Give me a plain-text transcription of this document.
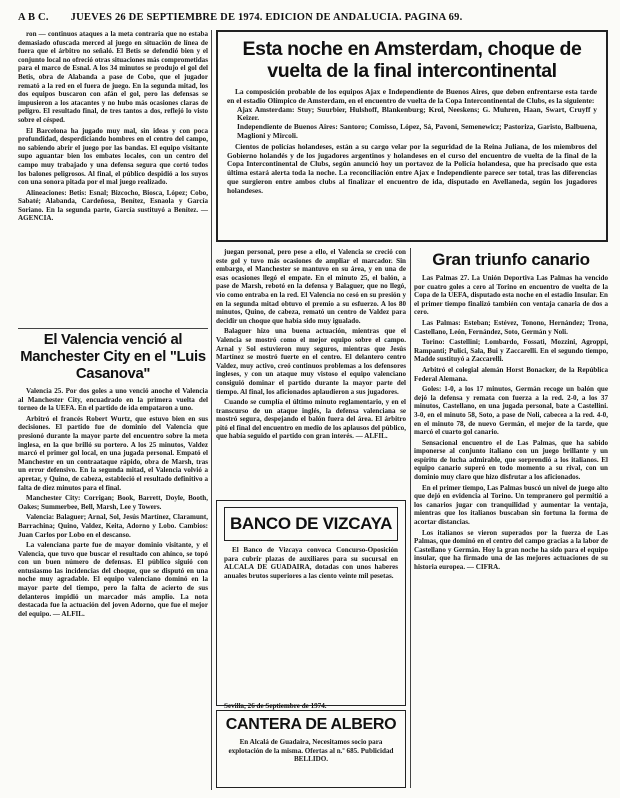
A B C. JUEVES 26 DE SEPTIEMBRE DE 1974. EDICION DE ANDALUCIA. PAGINA 69.

ron — continuos ataques a la meta contraria que no estaba demasiado ofuscada merced al juego en situación de línea de fuera que el árbitro no señaló. El Betis se defendió bien y el conjunto local no ofreció otras situaciones más comprometidas para el marco de Esnal. A los 34 minutos se produjo el gol del Betis, obra de Alabanda a pase de Cobo, que el jugador remató a la red en el fuera de juego. En la segunda mitad, los dos equipos buscaron con afán el gol, pero las defensas se impusieron a los atacantes y no hubo más ocasiones claras de peligro. El resultado final, de tres tantos a dos, reflejó lo visto sobre el césped.

El Barcelona ha jugado muy mal, sin ideas y con poca profundidad, desperdiciando hombres en el centro del campo, no sabiendo abrir el juego por las bandas. El equipo visitante supo aguantar bien los embates locales, con un centro del campo muy trabajado y una defensa segura que cortó todos los balones peligrosos. Al final, el público despidió a los suyos con una sonora pitada por el mal juego realizado.

Alineaciones: Betis: Esnal; Bizcocho, Biosca, López; Cobo, Sabaté; Alabanda, Cardeñosa, Benítez, Esnaola y García Soriano. En la segunda parte, García sustituyó a Benítez. — AGENCIA.

El Valencia venció al Manchester City en el "Luis Casanova"

Valencia 25. Por dos goles a uno venció anoche el Valencia al Manchester City, encuadrado en la primera vuelta del torneo de la UEFA. En el partido de ida empataron a uno.

Arbitró el francés Robert Wurtz, que estuvo bien en sus decisiones. El partido fue de dominio del Valencia que presionó durante la mayor parte del encuentro sobre la meta inglesa, en la que brilló su portero. A los 25 minutos, Valdez marcó el primer gol local, en una jugada personal. Empató el Manchester en un contraataque rápido, obra de Marsh, tras un error defensivo. En la segunda mitad, el Valencia volvió a apretar, y Quino, de cabeza, estableció el resultado definitivo a falta de diez minutos para el final.

Manchester City: Corrigan; Book, Barrett, Doyle, Booth, Oakes; Summerbee, Bell, Marsh, Lee y Towers.

Valencia: Balaguer; Arnal, Sol, Jesús Martínez, Claramunt, Barrachina; Quino, Valdez, Keita, Adorno y Lobo. Cambios: Juan Carlos por Lobo en el descanso.

La valenciana parte fue de mayor dominio visitante, y el Valencia, que tuvo que buscar el resultado con ahínco, se topó con un buen número de defensas. El público siguió con entusiasmo las incidencias del choque, que se disputó en una noche muy agradable. El equipo valenciano dominó en la mayor parte del tiempo, pero la falta de acierto de sus delanteros impidió un marcador más amplio. La nota destacada fue la actuación del joven Adorno, que fue el mejor del equipo. — ALFIL.

Esta noche en Amsterdam, choque de vuelta de la final intercontinental

La composición probable de los equipos Ajax e Independiente de Buenos Aires, que deben enfrentarse esta tarde en el estadio Olímpico de Amsterdam, en el encuentro de vuelta de la Copa Intercontinental de Clubs, es la siguiente:

Ajax Amsterdam: Stuy; Suurbier, Hulshoff, Blankenburg; Krol, Neeskens; G. Muhren, Haan, Swart, Cruyff y Keizer.

Independiente de Buenos Aires: Santoro; Comisso, López, Sá, Pavoni, Semenewicz; Pastoriza, Garisto, Balbuena, Maglioni y Mircoli.

Cientos de policías holandeses, están a su cargo velar por la seguridad de la Reina Juliana, de los miembros del Gobierno holandés y de los jugadores argentinos y holandeses en el curso del encuentro de vuelta de la final de la Copa Intercontinental de Clubs, según anunció hoy un portavoz de la Policía holandesa, que ha precisado que esta última estará alerta toda la noche. La reconciliación entre Ajax e Independiente parece ser total, tras las diferencias que surgieron entre ambos clubs al finalizar el encuentro de ida, disputado en Avellaneda, según los jugadores holandeses.

juegan personal, pero pese a ello, el Valencia se creció con este gol y tuvo más ocasiones de ampliar el marcador. Sin embargo, el Manchester se mantuvo en su área, y en una de esas ocasiones llegó el empate. En el minuto 25, el balón, a pase de Marsh, rebotó en la defensa y Balaguer, que no llegó, vio como entraba en la red. El Valencia no cesó en su presión y en la segunda mitad obtuvo el premio a su esfuerzo. A los 80 minutos, Quino, de cabeza, remató un centro de Valdez para decidir un choque que había sido muy igualado.

Balaguer hizo una buena actuación, mientras que el Valencia se mostró como el mejor equipo sobre el campo. Arnal y Sol estuvieron muy seguros, mientras que Jesús Martínez se mostró fuerte en el centro. El delantero centro Valdez, muy activo, creó continuos problemas a los defensores ingleses, y con un ataque muy vistoso el equipo valenciano consiguió dominar el partido durante la mayor parte del tiempo. Al final, los aficionados aplaudieron a sus jugadores.

Cuando se cumplía el último minuto reglamentario, y en el transcurso de un ataque inglés, la defensa valenciana se mostró segura, despejando el balón fuera del área. El árbitro pitó el final del encuentro en medio de los aplausos del público, que había seguido el partido con gran interés. — ALFIL.

BANCO DE VIZCAYA

El Banco de Vizcaya convoca Concurso-Oposición para cubrir plazas de auxiliares para su sucursal en ALCALA DE GUADAIRA, dotadas con unos haberes anuales brutos superiores a las ciento veinte mil pesetas.

Sevilla, 26 de Septiembre de 1974.

CANTERA DE ALBERO

En Alcalá de Guadaira, Necesitamos socio para explotación de la misma. Ofertas al n.º 685. Publicidad BELLIDO.

Gran triunfo canario

Las Palmas 27. La Unión Deportiva Las Palmas ha vencido por cuatro goles a cero al Torino en encuentro de vuelta de la Copa de la UEFA, disputado esta noche en el estadio Insular. En el primer tiempo finalizó también con ventaja canaria de dos a cero.

Las Palmas: Esteban; Estévez, Tonono, Hernández; Trona, Castellano, León, Fernández, Soto, Germán y Noli.

Torino: Castellini; Lombardo, Fossati, Mozzini, Agroppi, Rampanti; Pulici, Sala, Bui y Zaccarelli. En el segundo tiempo, Madde sustituyó a Zaccarelli.

Arbitró el colegial alemán Horst Bonacker, de la República Federal Alemana.

Goles: 1-0, a los 17 minutos, Germán recoge un balón que dejó la defensa y remata con fuerza a la red. 2-0, a los 37 minutos, Castellano, en una jugada personal, bate a Castellini. 3-0, en el minuto 58, Soto, a pase de Noli, cabecea a la red. 4-0, en el minuto 78, de nuevo Germán, el mejor de la tarde, que marcó el cuarto gol canario.

Sensacional encuentro el de Las Palmas, que ha sabido imponerse al conjunto italiano con un juego brillante y un espíritu de lucha admirable, que sorprendió a los italianos. El equipo canario superó en todo momento a su rival, con un dominio muy claro que hizo disfrutar a los aficionados.

En el primer tiempo, Las Palmas buscó un nivel de juego alto que dejó en evidencia al Torino. Un tempranero gol permitió a los canarios jugar con tranquilidad y aumentar la ventaja, mientras que los italianos buscaban sin fortuna la forma de acortar distancias.

Los italianos se vieron superados por la fuerza de Las Palmas, que dominó en el centro del campo gracias a la labor de Castellano y Germán. Hoy la gran noche ha sido para el equipo insular, que ha firmado una de las mejores actuaciones de su historia europea. — CIFRA.
